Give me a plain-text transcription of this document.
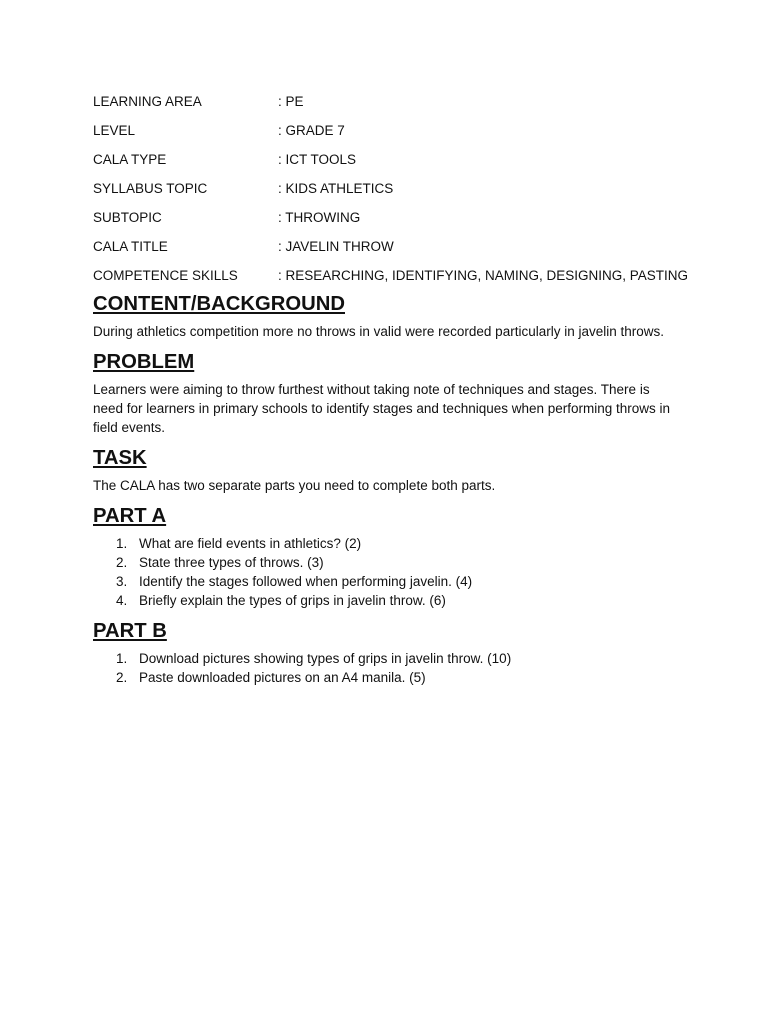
LEARNING AREA	: PE
LEVEL	: GRADE 7
CALA TYPE	: ICT TOOLS
SYLLABUS TOPIC	: KIDS ATHLETICS
SUBTOPIC	: THROWING
CALA TITLE	: JAVELIN THROW
COMPETENCE SKILLS	: RESEARCHING, IDENTIFYING, NAMING, DESIGNING, PASTING
CONTENT/BACKGROUND

During athletics competition more no throws in valid were recorded particularly in javelin throws.

PROBLEM

Learners were aiming to throw furthest without taking note of techniques and stages. There is need for learners in primary schools to identify stages and techniques when performing throws in field events.

TASK

The CALA has two separate parts you need to complete both parts.

PART A
1. What are field events in athletics? (2)
2. State three types of throws. (3)
3. Identify the stages followed when performing javelin. (4)
4. Briefly explain the types of grips in javelin throw. (6)
PART B
1. Download pictures showing types of grips in javelin throw. (10)
2. Paste downloaded pictures on an A4 manila. (5)
